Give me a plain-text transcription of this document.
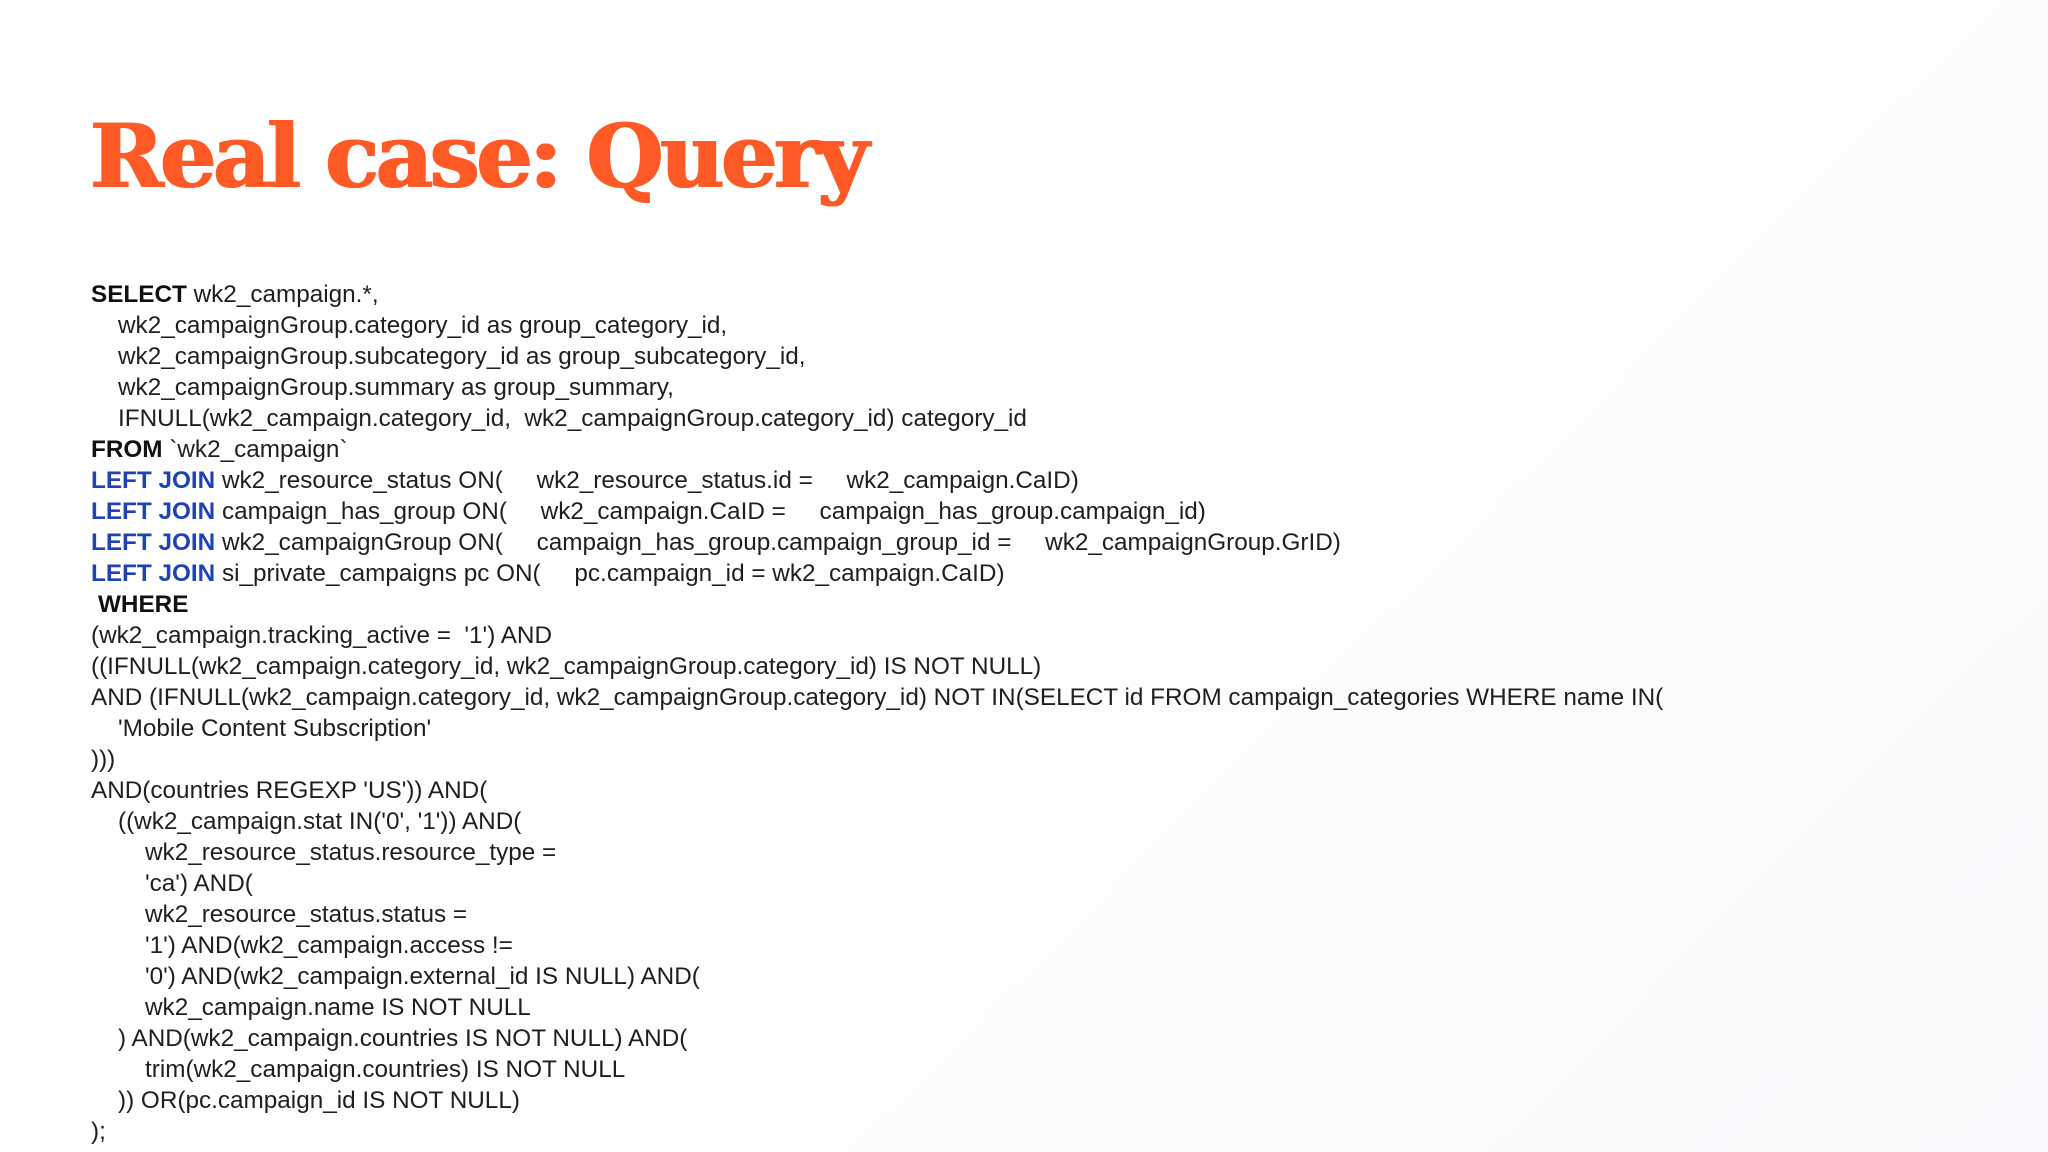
Real case: Query
SELECT wk2_campaign.*,
wk2_campaignGroup.category_id as group_category_id,
wk2_campaignGroup.subcategory_id as group_subcategory_id,
wk2_campaignGroup.summary as group_summary,
IFNULL(wk2_campaign.category_id,  wk2_campaignGroup.category_id) category_id
FROM `wk2_campaign`
LEFT JOIN wk2_resource_status ON(     wk2_resource_status.id =     wk2_campaign.CaID)
LEFT JOIN campaign_has_group ON(     wk2_campaign.CaID =     campaign_has_group.campaign_id)
LEFT JOIN wk2_campaignGroup ON(     campaign_has_group.campaign_group_id =     wk2_campaignGroup.GrID)
LEFT JOIN si_private_campaigns pc ON(     pc.campaign_id = wk2_campaign.CaID)
WHERE
(wk2_campaign.tracking_active =  '1') AND
((IFNULL(wk2_campaign.category_id, wk2_campaignGroup.category_id) IS NOT NULL)
AND (IFNULL(wk2_campaign.category_id, wk2_campaignGroup.category_id) NOT IN(SELECT id FROM campaign_categories WHERE name IN(
'Mobile Content Subscription'
)))
AND(countries REGEXP 'US')) AND(
((wk2_campaign.stat IN('0', '1')) AND(
wk2_resource_status.resource_type =
'ca') AND(
wk2_resource_status.status =
'1') AND(wk2_campaign.access !=
'0') AND(wk2_campaign.external_id IS NULL) AND(
wk2_campaign.name IS NOT NULL
) AND(wk2_campaign.countries IS NOT NULL) AND(
trim(wk2_campaign.countries) IS NOT NULL
)) OR(pc.campaign_id IS NOT NULL)
);
